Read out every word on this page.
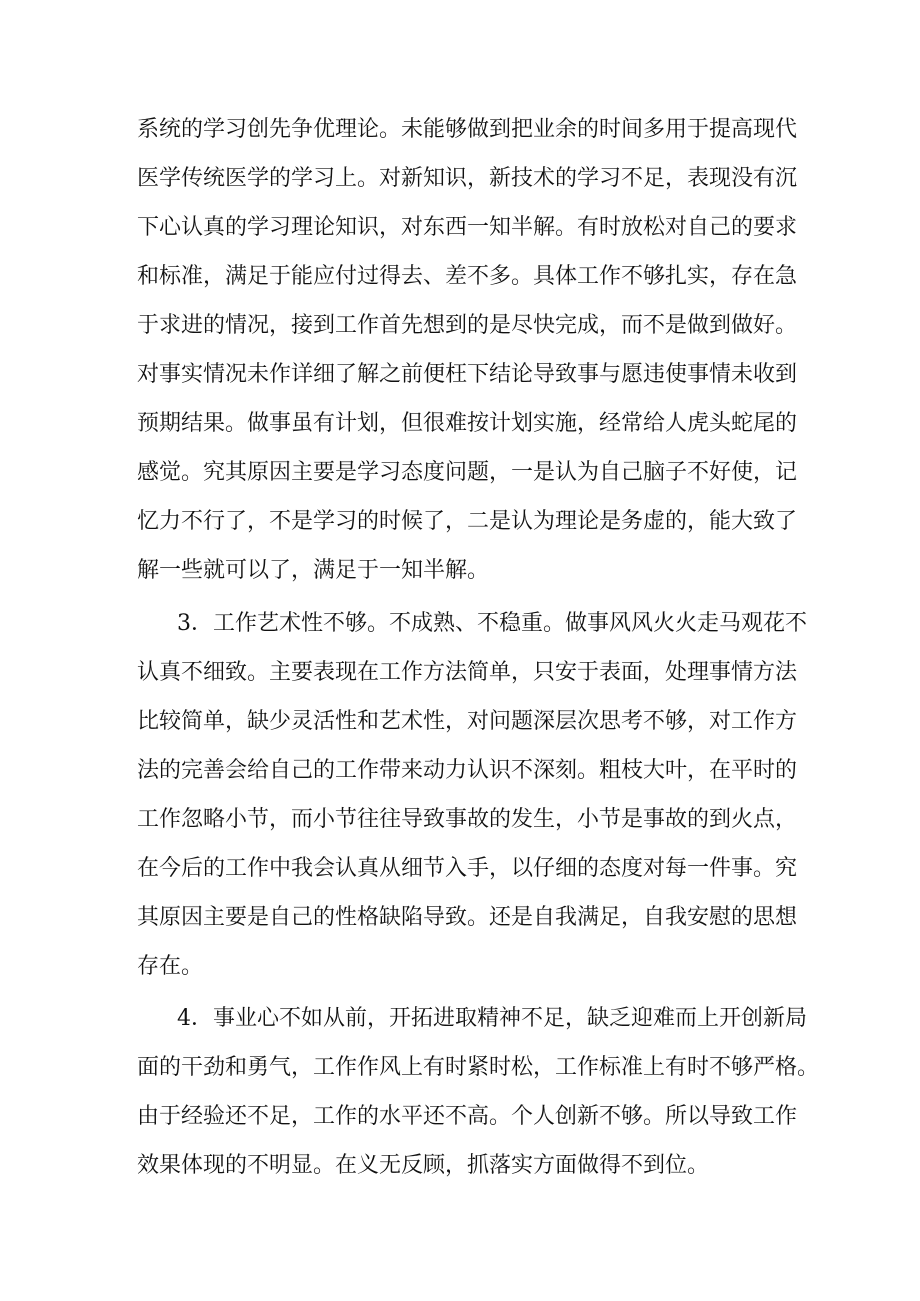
系统的学习创先争优理论。未能够做到把业余的时间多用于提高现代
医学传统医学的学习上。对新知识，新技术的学习不足，表现没有沉
下心认真的学习理论知识，对东西一知半解。有时放松对自己的要求
和标准，满足于能应付过得去、差不多。具体工作不够扎实，存在急
于求进的情况，接到工作首先想到的是尽快完成，而不是做到做好。
对事实情况未作详细了解之前便枉下结论导致事与愿违使事情未收到
预期结果。做事虽有计划，但很难按计划实施，经常给人虎头蛇尾的
感觉。究其原因主要是学习态度问题，一是认为自己脑子不好使，记
忆力不行了，不是学习的时候了，二是认为理论是务虚的，能大致了
解一些就可以了，满足于一知半解。
3．工作艺术性不够。不成熟、不稳重。做事风风火火走马观花不
认真不细致。主要表现在工作方法简单，只安于表面，处理事情方法
比较简单，缺少灵活性和艺术性，对问题深层次思考不够，对工作方
法的完善会给自己的工作带来动力认识不深刻。粗枝大叶，在平时的
工作忽略小节，而小节往往导致事故的发生，小节是事故的到火点，
在今后的工作中我会认真从细节入手，以仔细的态度对每一件事。究
其原因主要是自己的性格缺陷导致。还是自我满足，自我安慰的思想
存在。
4．事业心不如从前，开拓进取精神不足，缺乏迎难而上开创新局
面的干劲和勇气，工作作风上有时紧时松，工作标准上有时不够严格。
由于经验还不足，工作的水平还不高。个人创新不够。所以导致工作
效果体现的不明显。在义无反顾，抓落实方面做得不到位。
